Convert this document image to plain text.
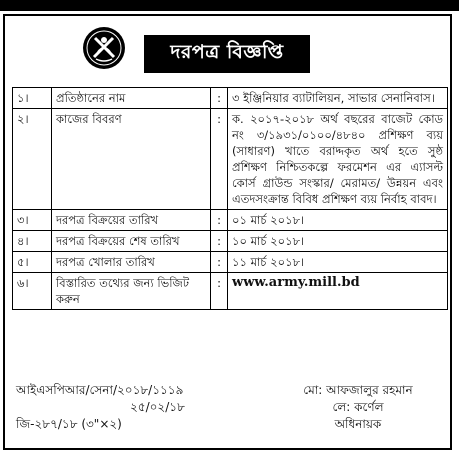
দরপত্র বিজ্ঞপ্তি
১।	প্রতিষ্ঠানের নাম	:	৩ ইঞ্জিনিয়ার ব্যাটালিয়ন, সাভার সেনানিবাস।
২।	কাজের বিবরণ	:	ক. ২০১৭-২০১৮ অর্থ বছরের বাজেট কোড নং ৩/১৯৩১/০১০০/৪৮৪০ প্রশিক্ষণ ব্যয় (সাধারণ) খাতে বরাদ্দকৃত অর্থ হতে সুষ্ঠ প্রশিক্ষণ নিশ্চিতকল্পে ফরমেশন এর এ্যাসল্ট কোর্স গ্রাউন্ড সংস্কার/ মেরামত/ উন্নয়ন এবং এতদসংক্রান্ত বিবিধ প্রশিক্ষণ ব্যয় নির্বাহ বাবদ।
৩।	দরপত্র বিক্রয়ের তারিখ	:	০১ মার্চ ২০১৮।
৪।	দরপত্র বিক্রয়ের শেষ তারিখ	:	১০ মার্চ ২০১৮।
৫।	দরপত্র খোলার তারিখ	:	১১ মার্চ ২০১৮।
৬।	বিস্তারিত তথ্যের জন্য ভিজিট করুন	:	www.army.mill.bd
আইএসপিআর/সেনা/২০১৮/১১১৯
২৫/০২/১৮
জি-২৮৭/১৮ (৩"×২)
মো: আফজালুর রহমান
লে: কর্ণেল
অধিনায়ক
